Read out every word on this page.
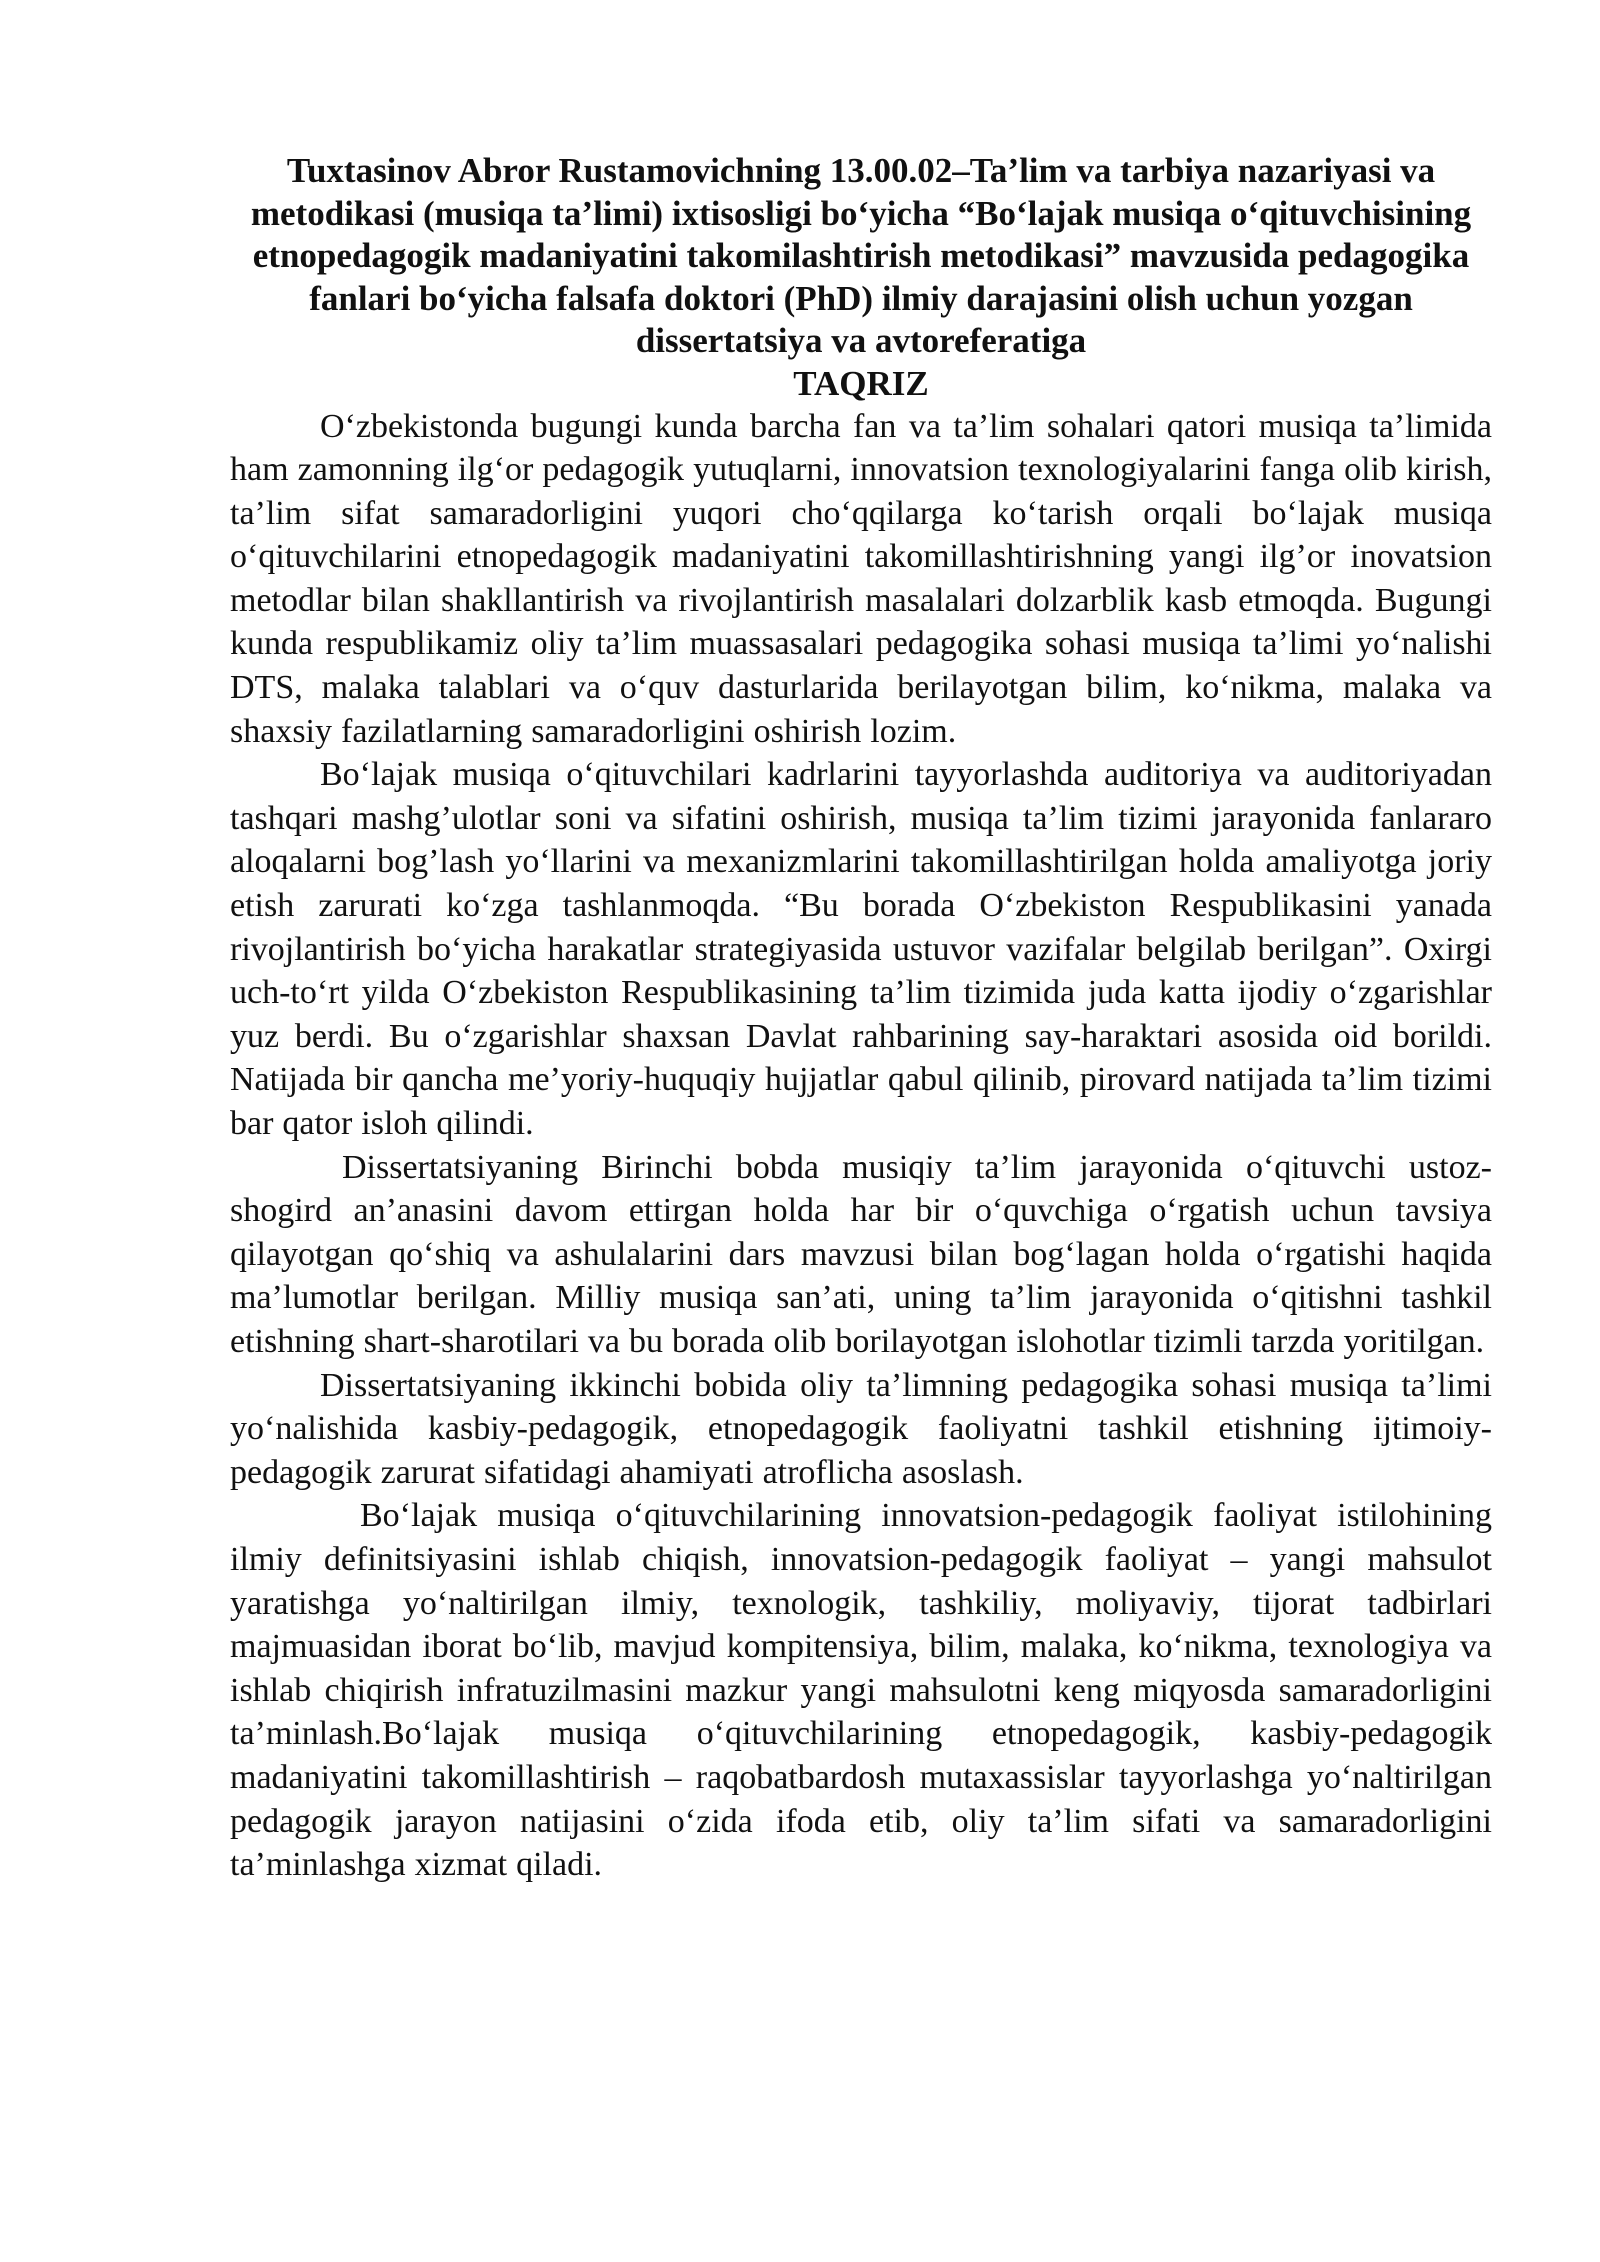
Tuxtasinov Abror Rustamovichning 13.00.02–Ta’lim va tarbiya nazariyasi va metodikasi (musiqa ta’limi) ixtisosligi bo‘yicha “Bo‘lajak musiqa o‘qituvchisining etnopedagogik madaniyatini takomilashtirish metodikasi” mavzusida pedagogika fanlari bo‘yicha falsafa doktori (PhD) ilmiy darajasini olish uchun yozgan dissertatsiya va avtoreferatiga

TAQRIZ

O‘zbekistonda bugungi kunda barcha fan va ta’lim sohalari qatori musiqa ta’limida ham zamonning ilg‘or pedagogik yutuqlarni, innovatsion texnologiyalarini fanga olib kirish, ta’lim sifat samaradorligini yuqori cho‘qqilarga ko‘tarish orqali bo‘lajak musiqa o‘qituvchilarini etnopedagogik madaniyatini takomillashtirishning yangi ilg’or inovatsion metodlar bilan shakllantirish va rivojlantirish masalalari dolzarblik kasb etmoqda. Bugungi kunda respublikamiz oliy ta’lim muassasalari pedagogika sohasi musiqa ta’limi yo‘nalishi DTS, malaka talablari va o‘quv dasturlarida berilayotgan bilim, ko‘nikma, malaka va shaxsiy fazilatlarning samaradorligini oshirish lozim.

Bo‘lajak musiqa o‘qituvchilari kadrlarini tayyorlashda auditoriya va auditoriyadan tashqari mashg’ulotlar soni va sifatini oshirish, musiqa ta’lim tizimi jarayonida fanlararo aloqalarni bog’lash yo‘llarini va mexanizmlarini takomillashtirilgan holda amaliyotga joriy etish zarurati ko‘zga tashlanmoqda. “Bu borada O‘zbekiston Respublikasini yanada rivojlantirish bo‘yicha harakatlar strategiyasida ustuvor vazifalar belgilab berilgan”. Oxirgi uch-to‘rt yilda O‘zbekiston Respublikasining ta’lim tizimida juda katta ijodiy o‘zgarishlar yuz berdi. Bu o‘zgarishlar shaxsan Davlat rahbarining say-haraktari asosida oid borildi. Natijada bir qancha me’yoriy-huquqiy hujjatlar qabul qilinib, pirovard natijada ta’lim tizimi bar qator isloh qilindi.

Dissertatsiyaning Birinchi bobda musiqiy ta’lim jarayonida o‘qituvchi ustoz-shogird an’anasini davom ettirgan holda har bir o‘quvchiga o‘rgatish uchun tavsiya qilayotgan qo‘shiq va ashulalarini dars mavzusi bilan bog‘lagan holda o‘rgatishi haqida ma’lumotlar berilgan. Milliy musiqa san’ati, uning ta’lim jarayonida o‘qitishni tashkil etishning shart-sharotilari va bu borada olib borilayotgan islohotlar tizimli tarzda yoritilgan.

Dissertatsiyaning ikkinchi bobida oliy ta’limning pedagogika sohasi musiqa ta’limi yo‘nalishida kasbiy-pedagogik, etnopedagogik faoliyatni tashkil etishning ijtimoiy-pedagogik zarurat sifatidagi ahamiyati atroflicha asoslash.

Bo‘lajak musiqa o‘qituvchilarining innovatsion-pedagogik faoliyat istilohining ilmiy definitsiyasini ishlab chiqish, innovatsion-pedagogik faoliyat – yangi mahsulot yaratishga yo‘naltirilgan ilmiy, texnologik, tashkiliy, moliyaviy, tijorat tadbirlari majmuasidan iborat bo‘lib, mavjud kompitensiya, bilim, malaka, ko‘nikma, texnologiya va ishlab chiqirish infratuzilmasini mazkur yangi mahsulotni keng miqyosda samaradorligini ta’minlash.Bo‘lajak musiqa o‘qituvchilarining etnopedagogik, kasbiy-pedagogik madaniyatini takomillashtirish – raqobatbardosh mutaxassislar tayyorlashga yo‘naltirilgan pedagogik jarayon natijasini o‘zida ifoda etib, oliy ta’lim sifati va samaradorligini ta’minlashga xizmat qiladi.
